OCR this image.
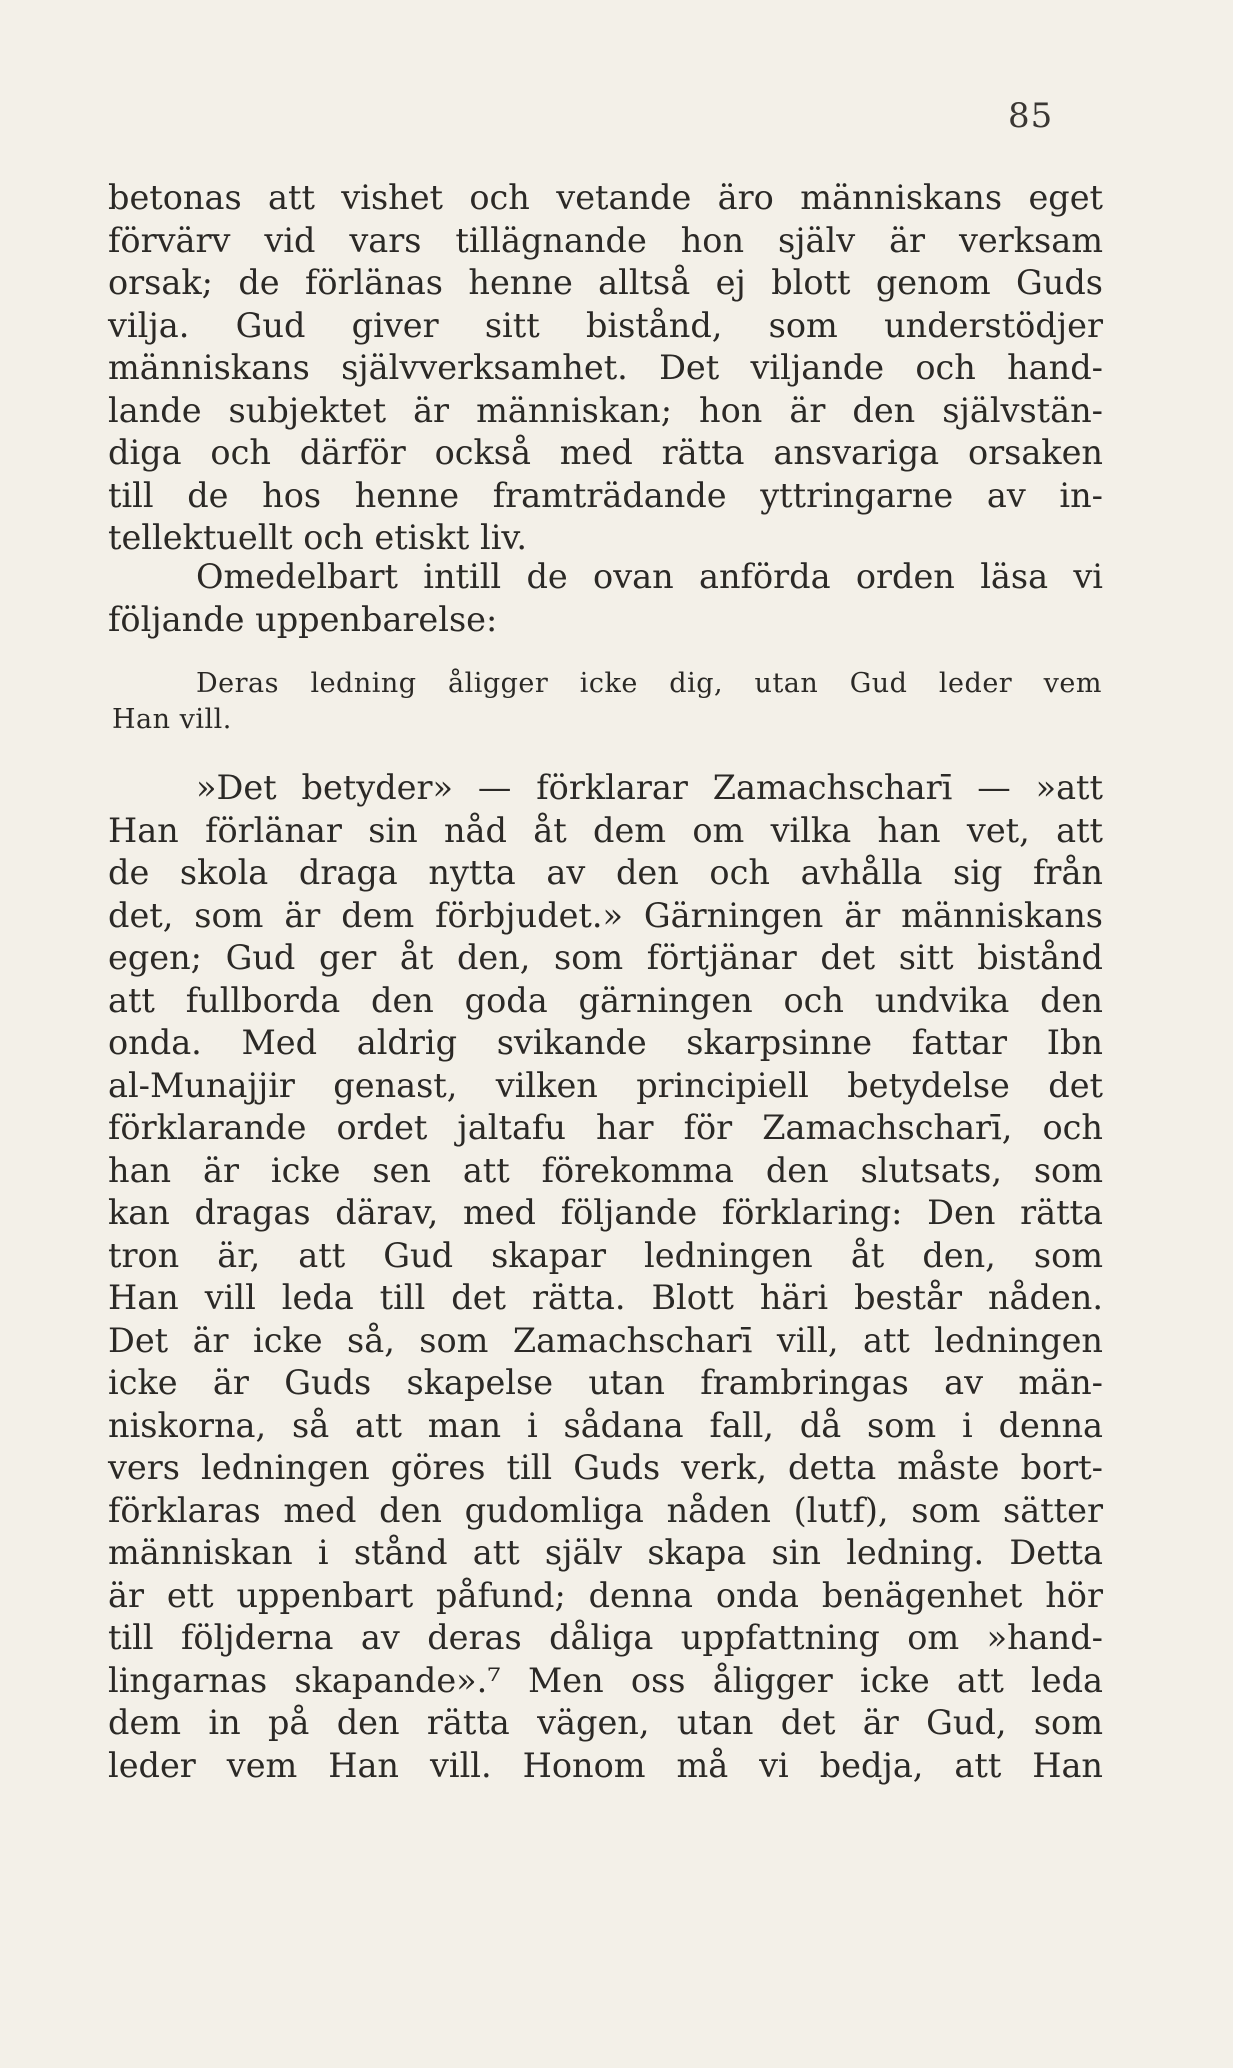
85
betonas att vishet och vetande äro människans eget
förvärv vid vars tillägnande hon själv är verksam
orsak; de förlänas henne alltså ej blott genom Guds
vilja. Gud giver sitt bistånd, som understödjer
människans självverksamhet. Det viljande och hand-
lande subjektet är människan; hon är den självstän-
diga och därför också med rätta ansvariga orsaken
till de hos henne framträdande yttringarne av in-
tellektuellt och etiskt liv.
Omedelbart intill de ovan anförda orden läsa vi
följande uppenbarelse:
Deras ledning åligger icke dig, utan Gud leder vem
Han vill.
»Det betyder» — förklarar Zamachscharī — »att
Han förlänar sin nåd åt dem om vilka han vet, att
de skola draga nytta av den och avhålla sig från
det, som är dem förbjudet.» Gärningen är människans
egen; Gud ger åt den, som förtjänar det sitt bistånd
att fullborda den goda gärningen och undvika den
onda. Med aldrig svikande skarpsinne fattar Ibn
al-Munajjir genast, vilken principiell betydelse det
förklarande ordet jaltafu har för Zamachscharī, och
han är icke sen att förekomma den slutsats, som
kan dragas därav, med följande förklaring: Den rätta
tron är, att Gud skapar ledningen åt den, som
Han vill leda till det rätta. Blott häri består nåden.
Det är icke så, som Zamachscharī vill, att ledningen
icke är Guds skapelse utan frambringas av män-
niskorna, så att man i sådana fall, då som i denna
vers ledningen göres till Guds verk, detta måste bort-
förklaras med den gudomliga nåden (lutf), som sätter
människan i stånd att själv skapa sin ledning. Detta
är ett uppenbart påfund; denna onda benägenhet hör
till följderna av deras dåliga uppfattning om »hand-
lingarnas skapande».⁷ Men oss åligger icke att leda
dem in på den rätta vägen, utan det är Gud, som
leder vem Han vill. Honom må vi bedja, att Han
